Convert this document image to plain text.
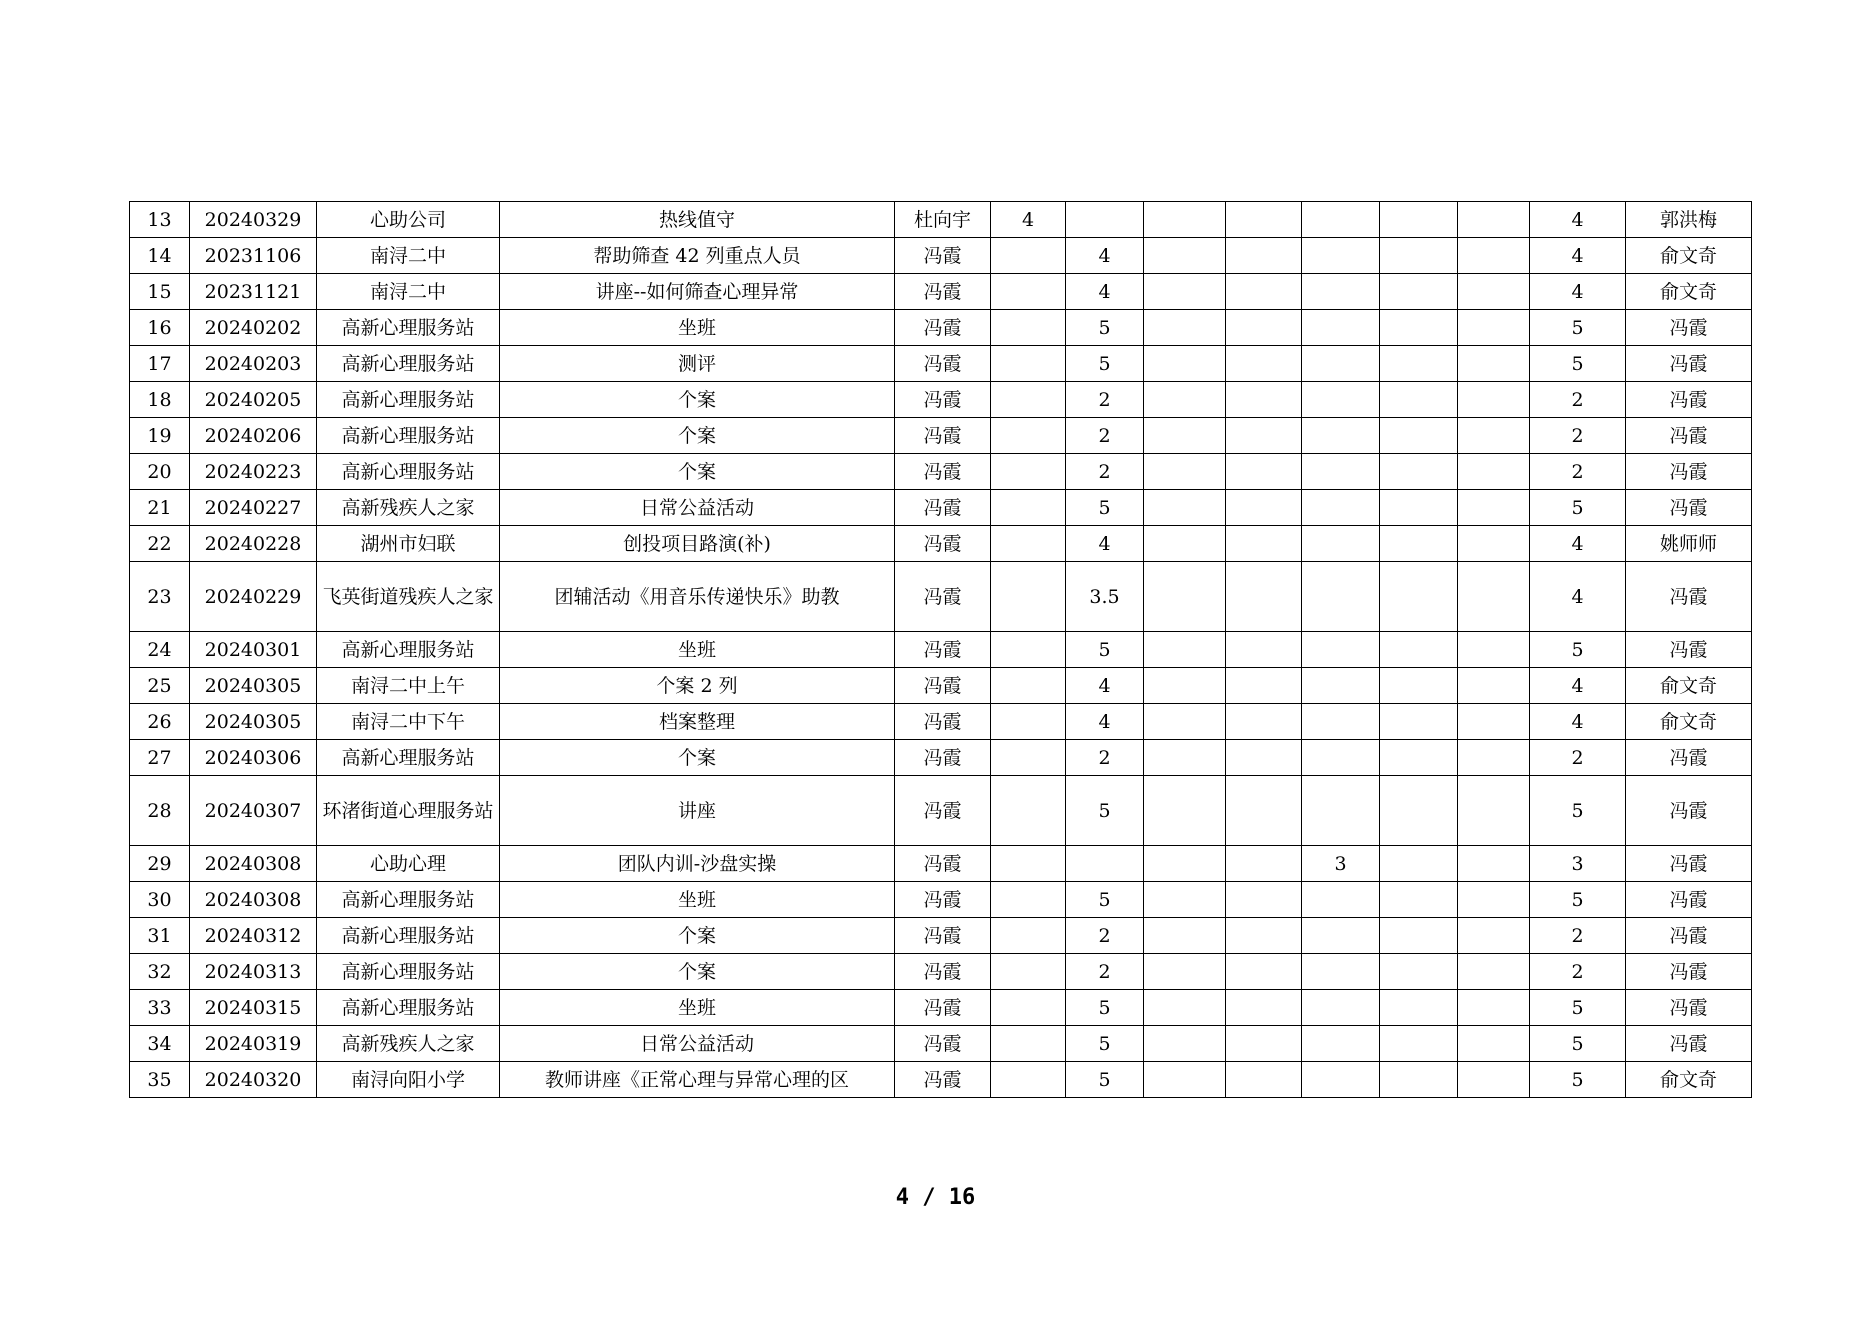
13	20240329	心助公司	热线值守	杜向宇	4							4	郭洪梅
14	20231106	南浔二中	帮助筛查 42 列重点人员	冯霞		4						4	俞文奇
15	20231121	南浔二中	讲座--如何筛查心理异常	冯霞		4						4	俞文奇
16	20240202	高新心理服务站	坐班	冯霞		5						5	冯霞
17	20240203	高新心理服务站	测评	冯霞		5						5	冯霞
18	20240205	高新心理服务站	个案	冯霞		2						2	冯霞
19	20240206	高新心理服务站	个案	冯霞		2						2	冯霞
20	20240223	高新心理服务站	个案	冯霞		2						2	冯霞
21	20240227	高新残疾人之家	日常公益活动	冯霞		5						5	冯霞
22	20240228	湖州市妇联	创投项目路演(补)	冯霞		4						4	姚师师
23	20240229	飞英街道残疾人之家	团辅活动《用音乐传递快乐》助教	冯霞		3.5						4	冯霞
24	20240301	高新心理服务站	坐班	冯霞		5						5	冯霞
25	20240305	南浔二中上午	个案 2 列	冯霞		4						4	俞文奇
26	20240305	南浔二中下午	档案整理	冯霞		4						4	俞文奇
27	20240306	高新心理服务站	个案	冯霞		2						2	冯霞
28	20240307	环渚街道心理服务站	讲座	冯霞		5						5	冯霞
29	20240308	心助心理	团队内训-沙盘实操	冯霞					3			3	冯霞
30	20240308	高新心理服务站	坐班	冯霞		5						5	冯霞
31	20240312	高新心理服务站	个案	冯霞		2						2	冯霞
32	20240313	高新心理服务站	个案	冯霞		2						2	冯霞
33	20240315	高新心理服务站	坐班	冯霞		5						5	冯霞
34	20240319	高新残疾人之家	日常公益活动	冯霞		5						5	冯霞
35	20240320	南浔向阳小学	教师讲座《正常心理与异常心理的区	冯霞		5						5	俞文奇
4 / 16
